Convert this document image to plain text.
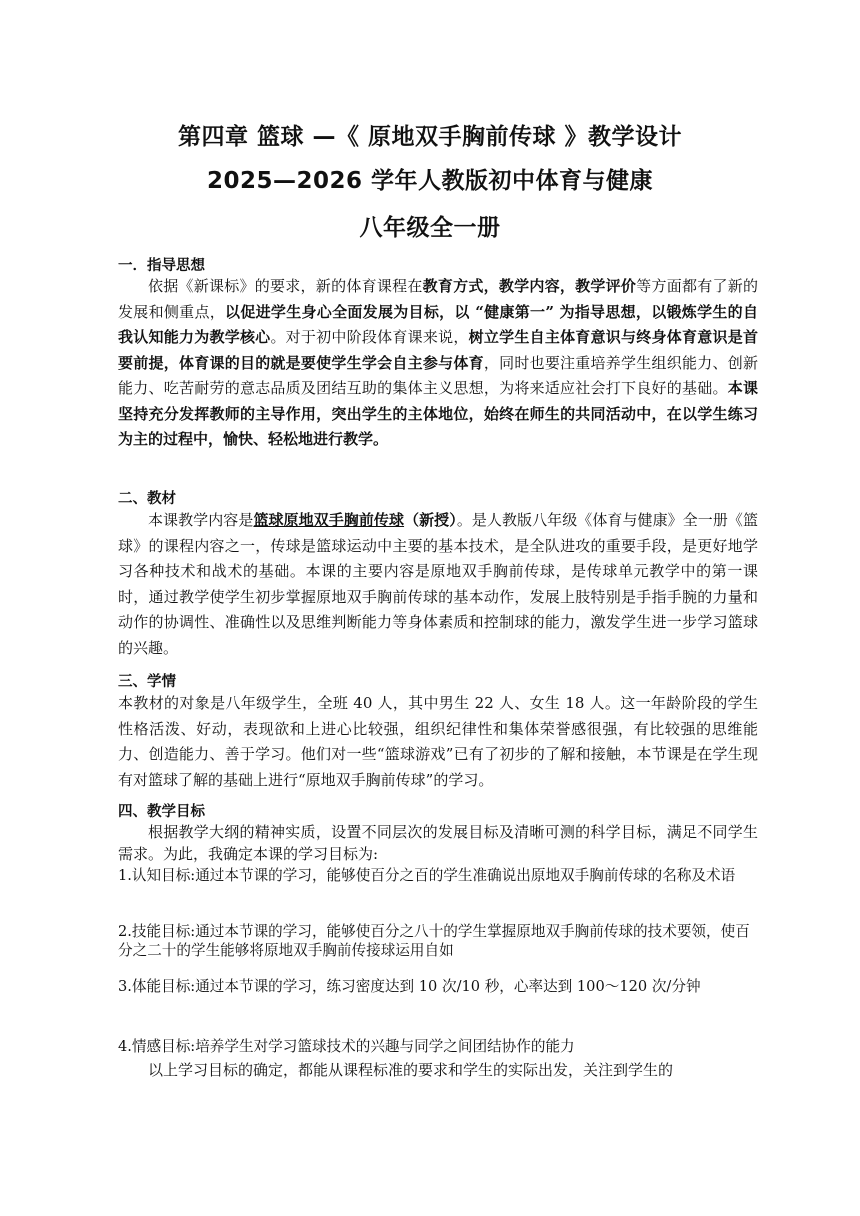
第四章 篮球 —《 原地双手胸前传球 》教学设计
2025—2026 学年人教版初中体育与健康
八年级全一册
一．指导思想
依据《新课标》的要求，新的体育课程在教育方式，教学内容，教学评价等方面都有了新的发展和侧重点，以促进学生身心全面发展为目标，以 “健康第一” 为指导思想，以锻炼学生的自我认知能力为教学核心。对于初中阶段体育课来说，树立学生自主体育意识与终身体育意识是首要前提，体育课的目的就是要使学生学会自主参与体育，同时也要注重培养学生组织能力、创新能力、吃苦耐劳的意志品质及团结互助的集体主义思想，为将来适应社会打下良好的基础。本课坚持充分发挥教师的主导作用，突出学生的主体地位，始终在师生的共同活动中，在以学生练习为主的过程中，愉快、轻松地进行教学。
二、教材
本课教学内容是篮球原地双手胸前传球（新授）。是人教版八年级《体育与健康》全一册《篮球》的课程内容之一，传球是篮球运动中主要的基本技术，是全队进攻的重要手段，是更好地学习各种技术和战术的基础。本课的主要内容是原地双手胸前传球，是传球单元教学中的第一课时，通过教学使学生初步掌握原地双手胸前传球的基本动作，发展上肢特别是手指手腕的力量和动作的协调性、准确性以及思维判断能力等身体素质和控制球的能力，激发学生进一步学习篮球的兴趣。
三、学情
本教材的对象是八年级学生，全班 40 人，其中男生 22 人、女生 18 人。这一年龄阶段的学生性格活泼、好动，表现欲和上进心比较强，组织纪律性和集体荣誉感很强，有比较强的思维能力、创造能力、善于学习。他们对一些“篮球游戏”已有了初步的了解和接触，本节课是在学生现有对篮球了解的基础上进行“原地双手胸前传球”的学习。
四、教学目标
根据教学大纲的精神实质，设置不同层次的发展目标及清晰可测的科学目标，满足不同学生需求。为此，我确定本课的学习目标为:
1.认知目标:通过本节课的学习，能够使百分之百的学生准确说出原地双手胸前传球的名称及术语
2.技能目标:通过本节课的学习，能够使百分之八十的学生掌握原地双手胸前传球的技术要领，使百分之二十的学生能够将原地双手胸前传接球运用自如
3.体能目标:通过本节课的学习，练习密度达到 10 次/10 秒，心率达到 100～120 次/分钟
4.情感目标:培养学生对学习篮球技术的兴趣与同学之间团结协作的能力
以上学习目标的确定，都能从课程标准的要求和学生的实际出发，关注到学生的
